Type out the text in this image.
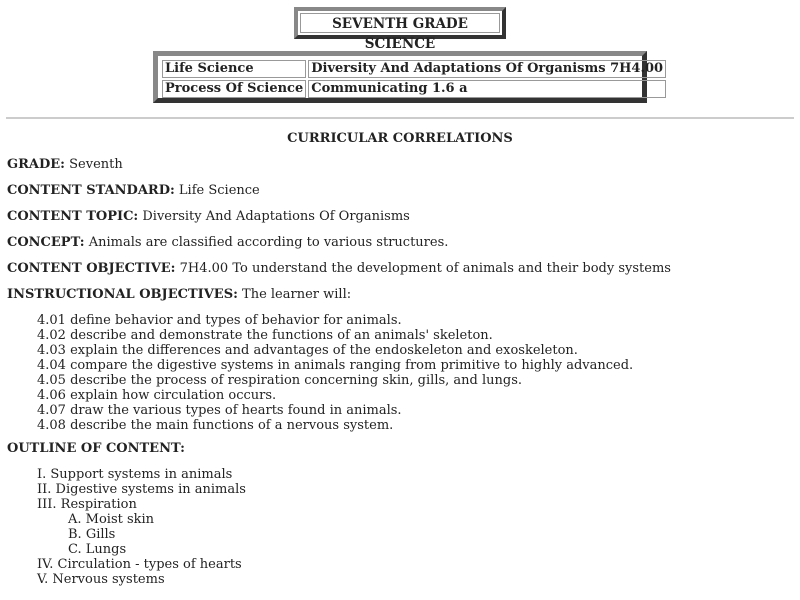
SEVENTH GRADE SCIENCE
Life Science	Diversity And Adaptations Of Organisms 7H4.00
Process Of Science	Communicating 1.6 a
CURRICULAR CORRELATIONS
GRADE: Seventh
CONTENT STANDARD: Life Science
CONTENT TOPIC: Diversity And Adaptations Of Organisms
CONCEPT: Animals are classified according to various structures.
CONTENT OBJECTIVE: 7H4.00 To understand the development of animals and their body systems
INSTRUCTIONAL OBJECTIVES: The learner will:
4.01 define behavior and types of behavior for animals.
4.02 describe and demonstrate the functions of an animals' skeleton.
4.03 explain the differences and advantages of the endoskeleton and exoskeleton.
4.04 compare the digestive systems in animals ranging from primitive to highly advanced.
4.05 describe the process of respiration concerning skin, gills, and lungs.
4.06 explain how circulation occurs.
4.07 draw the various types of hearts found in animals.
4.08 describe the main functions of a nervous system.
OUTLINE OF CONTENT:
I. Support systems in animals
II. Digestive systems in animals
III. Respiration
A. Moist skin
B. Gills
C. Lungs
IV. Circulation - types of hearts
V. Nervous systems
